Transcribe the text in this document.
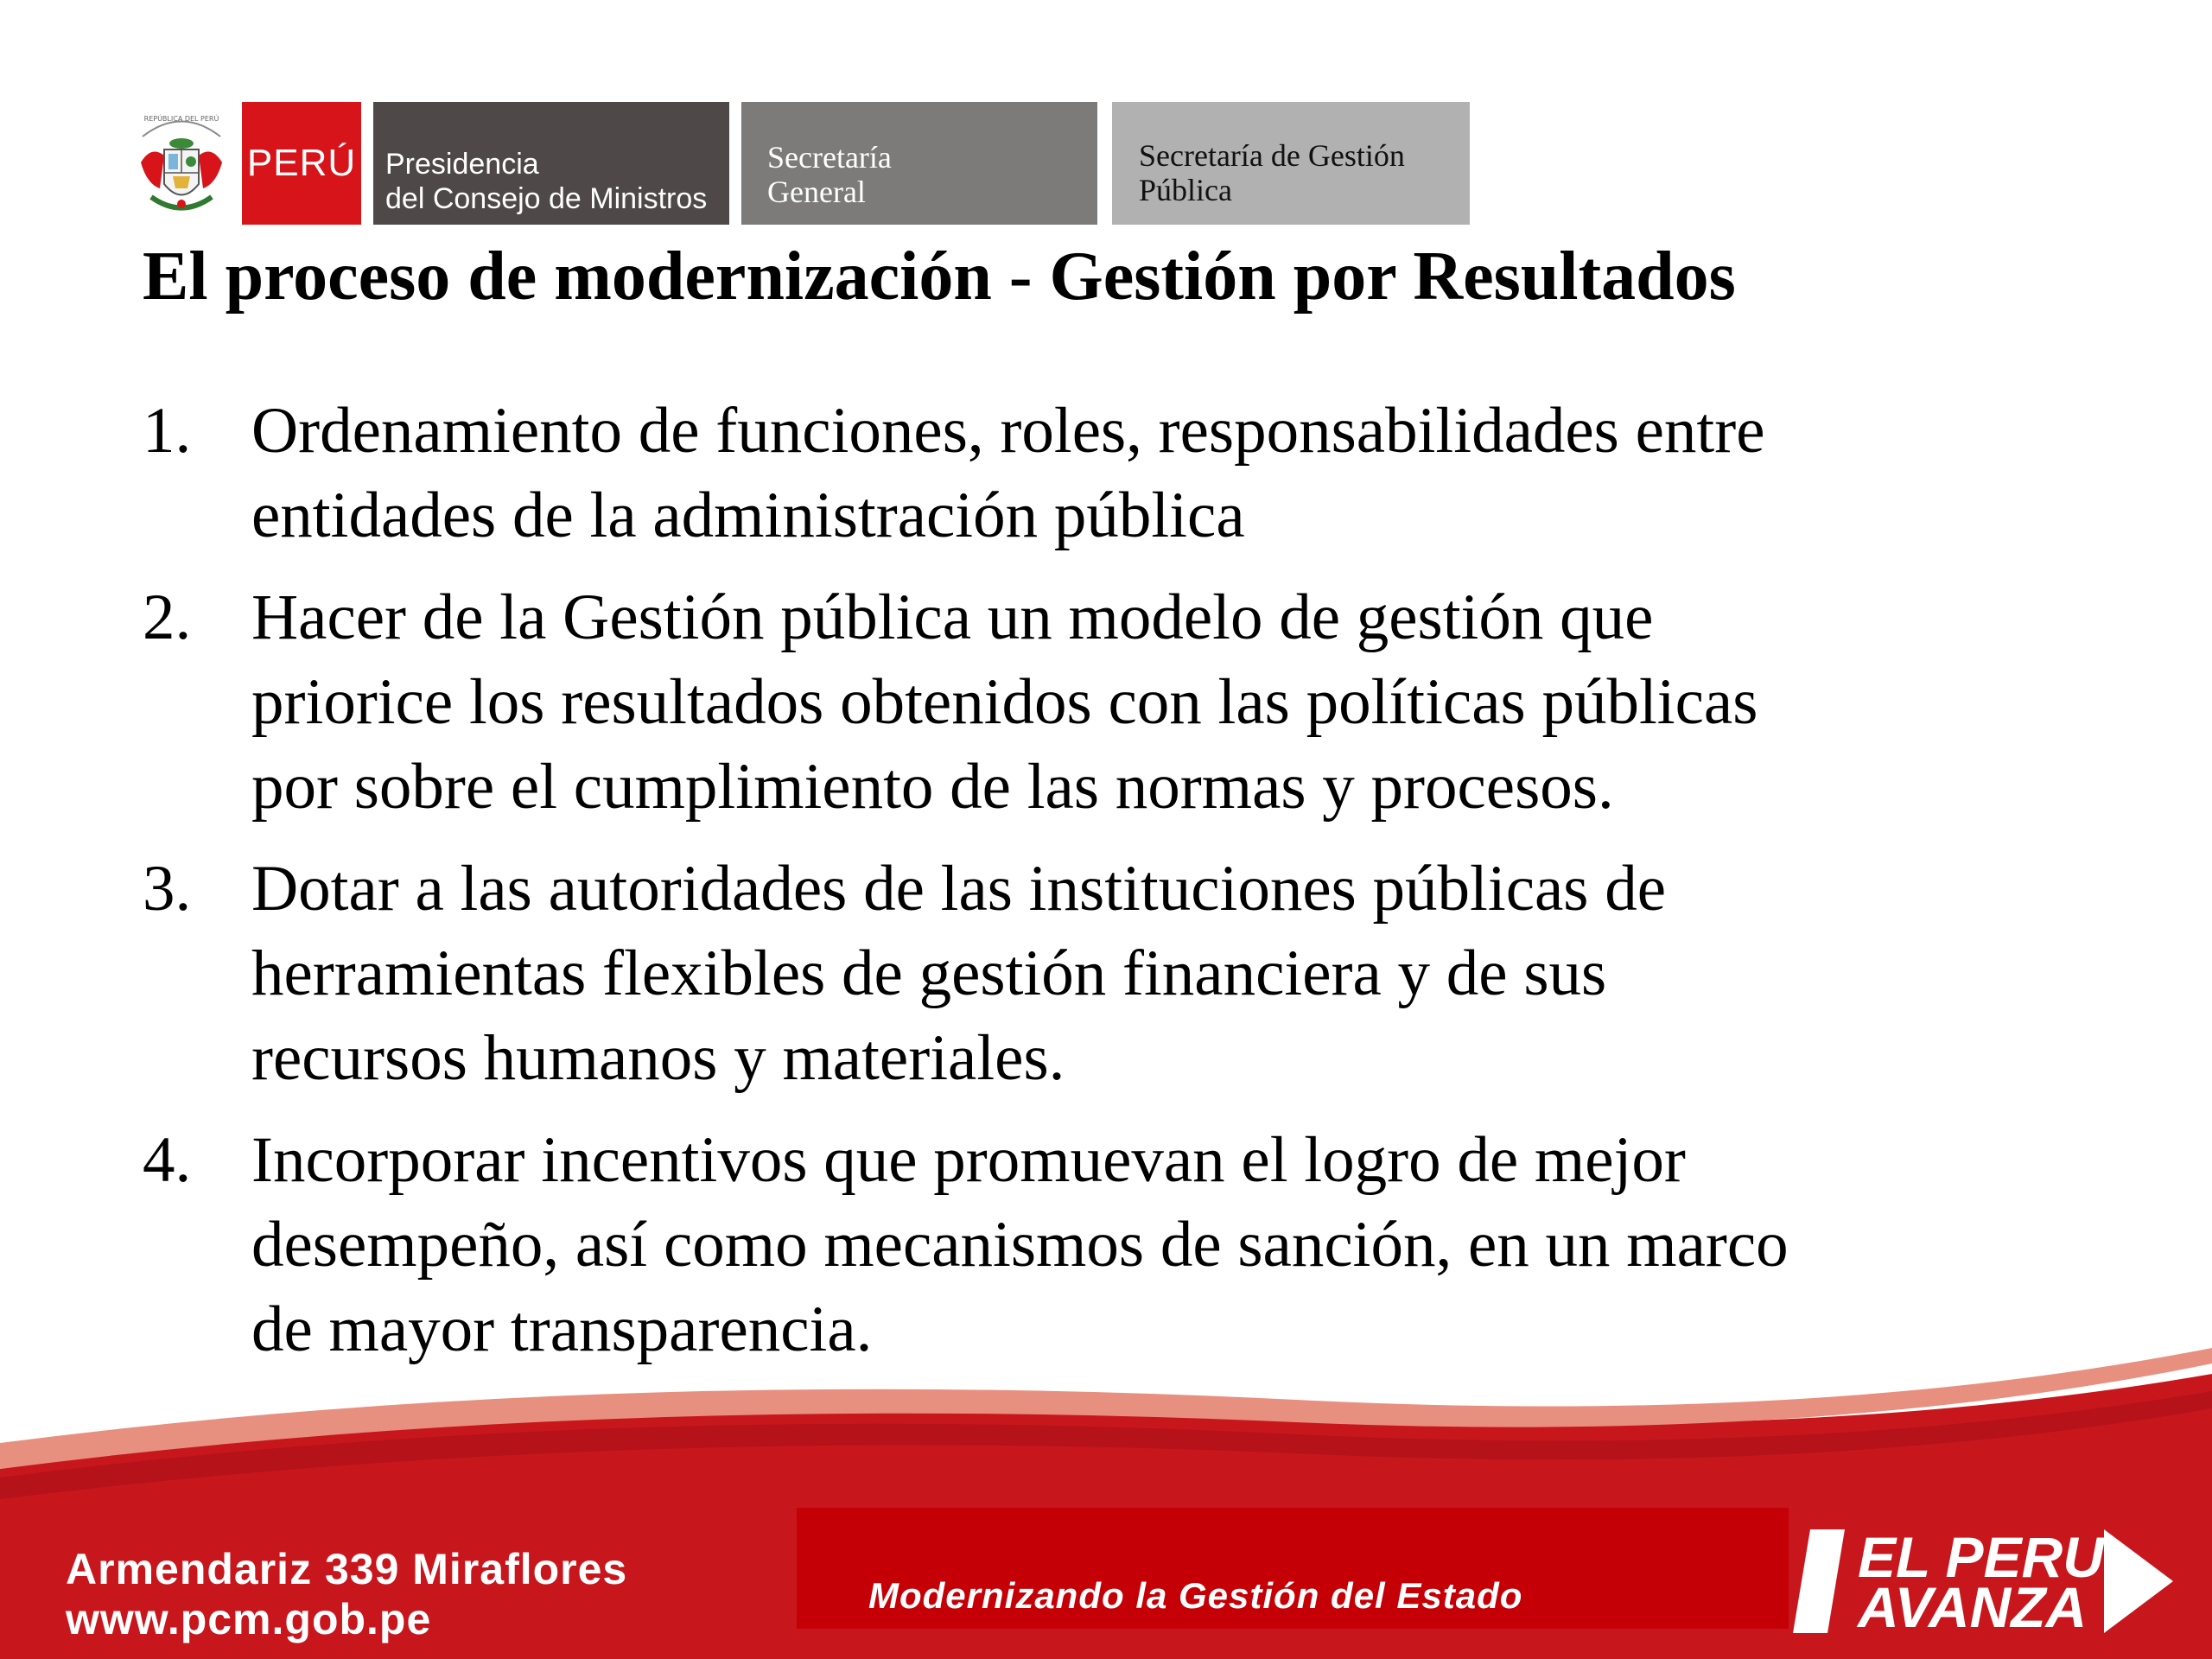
REPÚBLICA DEL PERÚ
PERÚ Presidencia
del Consejo de Ministros
Secretaría
General
Secretaría de Gestión
Pública
El proceso de modernización - Gestión por Resultados
1. Ordenamiento de funciones, roles, responsabilidades entre
entidades de la administración pública
2. Hacer de la Gestión pública un modelo de gestión que
priorice los resultados obtenidos con las políticas públicas
por sobre el cumplimiento de las normas y procesos.
3. Dotar a las autoridades de las instituciones públicas de
herramientas flexibles de gestión financiera y de sus
recursos humanos y materiales.
4. Incorporar incentivos que promuevan el logro de mejor
desempeño, así como mecanismos de sanción, en un marco
de mayor transparencia.
Armendariz 339 Miraflores
www.pcm.gob.pe	Modernizando la Gestión del Estado
EL PERU
AVANZA
